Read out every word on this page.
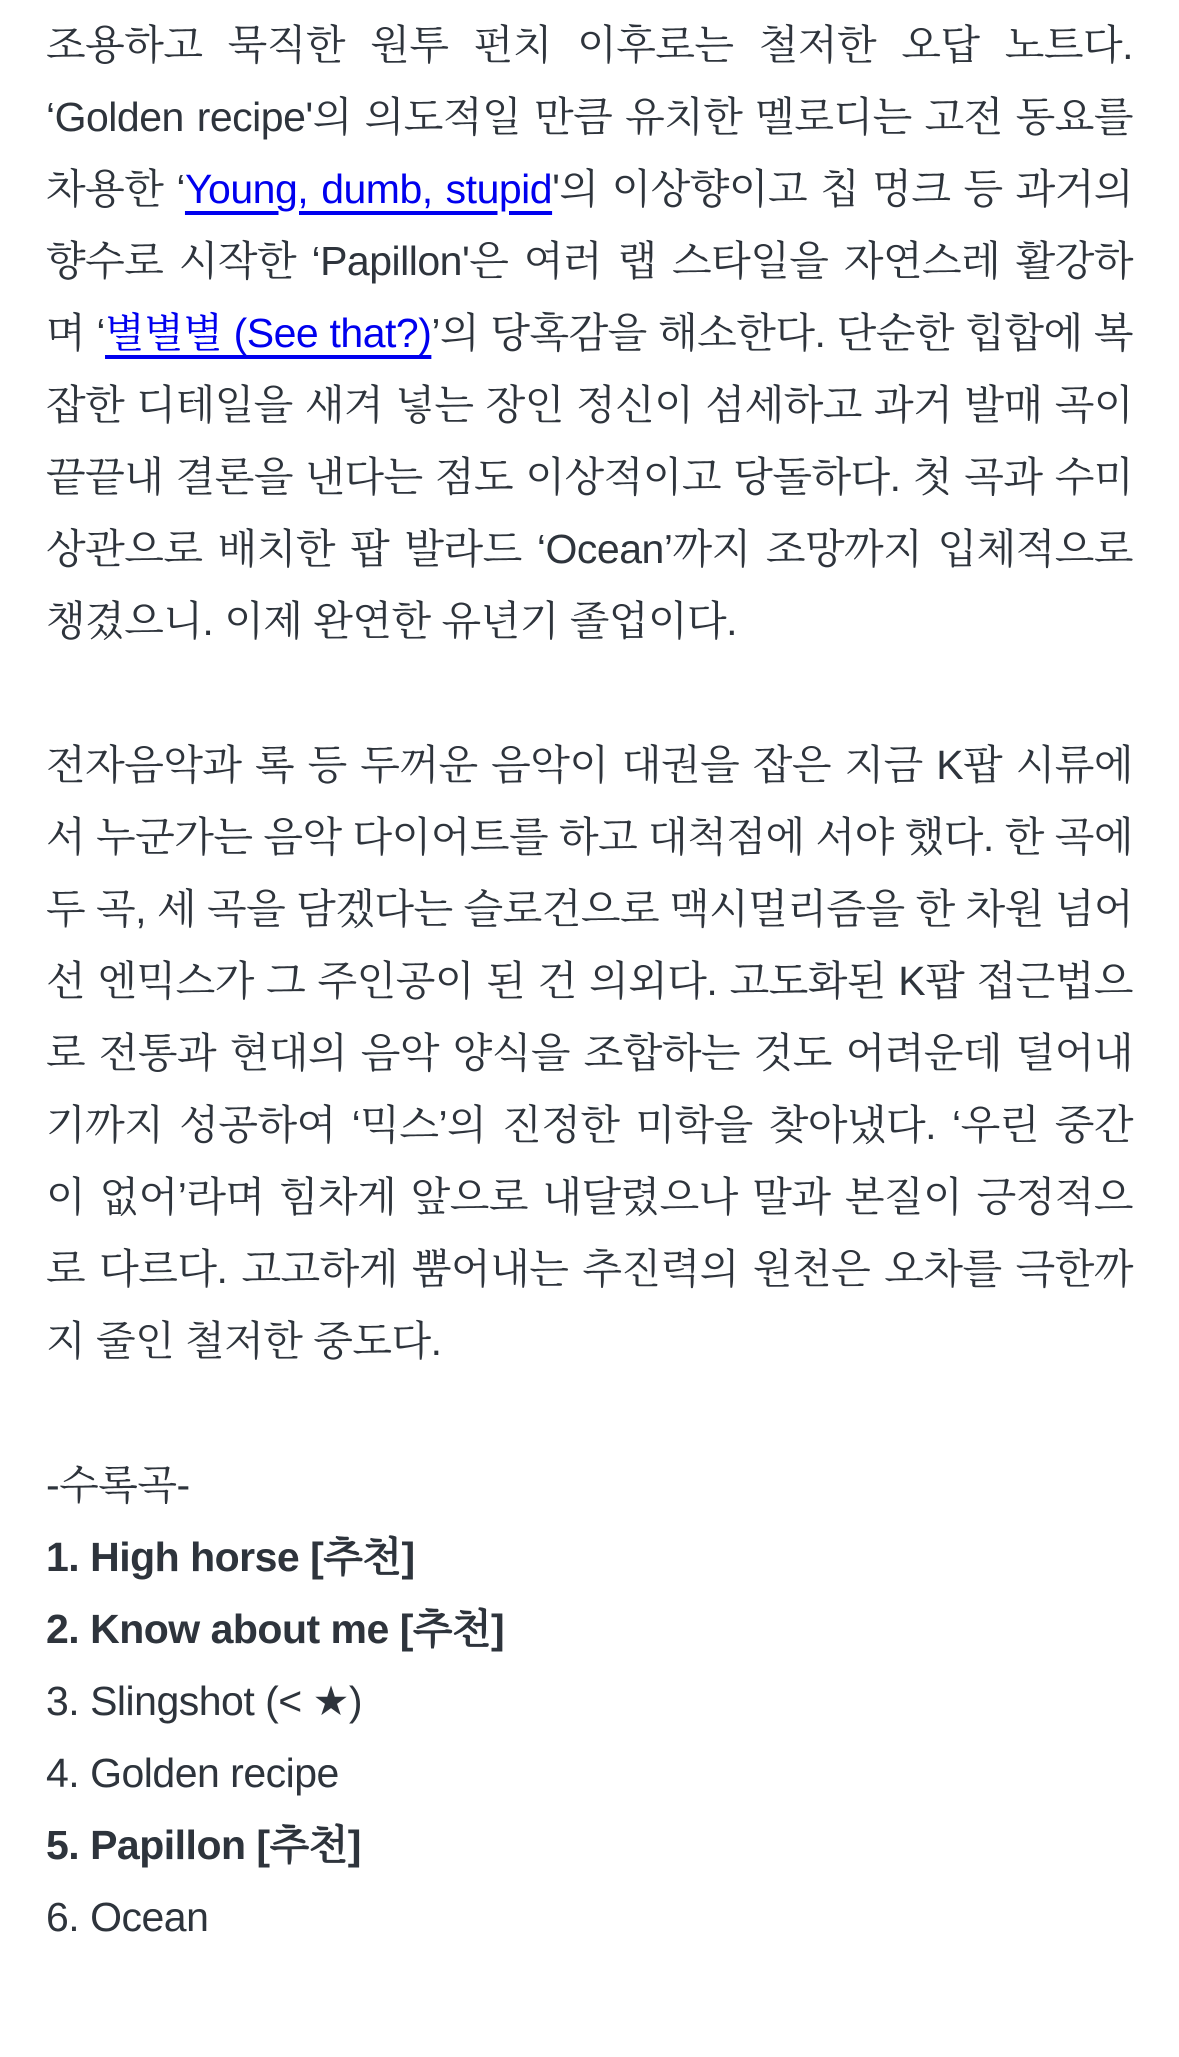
조용하고 묵직한 원투 펀치 이후로는 철저한 오답 노트다. ‘Golden recipe'의 의도적일 만큼 유치한 멜로디는 고전 동요를 차용한 ‘Young, dumb, stupid'의 이상향이고 칩 멍크 등 과거의 향수로 시작한 ‘Papillon'은 여러 랩 스타일을 자연스레 활강하며 ‘별별별 (See that?)’의 당혹감을 해소한다. 단순한 힙합에 복잡한 디테일을 새겨 넣는 장인 정신이 섬세하고 과거 발매 곡이 끝끝내 결론을 낸다는 점도 이상적이고 당돌하다. 첫 곡과 수미상관으로 배치한 팝 발라드 ‘Ocean’까지 조망까지 입체적으로 챙겼으니. 이제 완연한 유년기 졸업이다.

전자음악과 록 등 두꺼운 음악이 대권을 잡은 지금 K팝 시류에서 누군가는 음악 다이어트를 하고 대척점에 서야 했다. 한 곡에 두 곡, 세 곡을 담겠다는 슬로건으로 맥시멀리즘을 한 차원 넘어선 엔믹스가 그 주인공이 된 건 의외다. 고도화된 K팝 접근법으로 전통과 현대의 음악 양식을 조합하는 것도 어려운데 덜어내기까지 성공하여 ‘믹스’의 진정한 미학을 찾아냈다. ‘우린 중간이 없어’라며 힘차게 앞으로 내달렸으나 말과 본질이 긍정적으로 다르다. 고고하게 뿜어내는 추진력의 원천은 오차를 극한까지 줄인 철저한 중도다.

-수록곡-
1. High horse [추천]
2. Know about me [추천]
3. Slingshot (< ★)
4. Golden recipe
5. Papillon [추천]
6. Ocean
